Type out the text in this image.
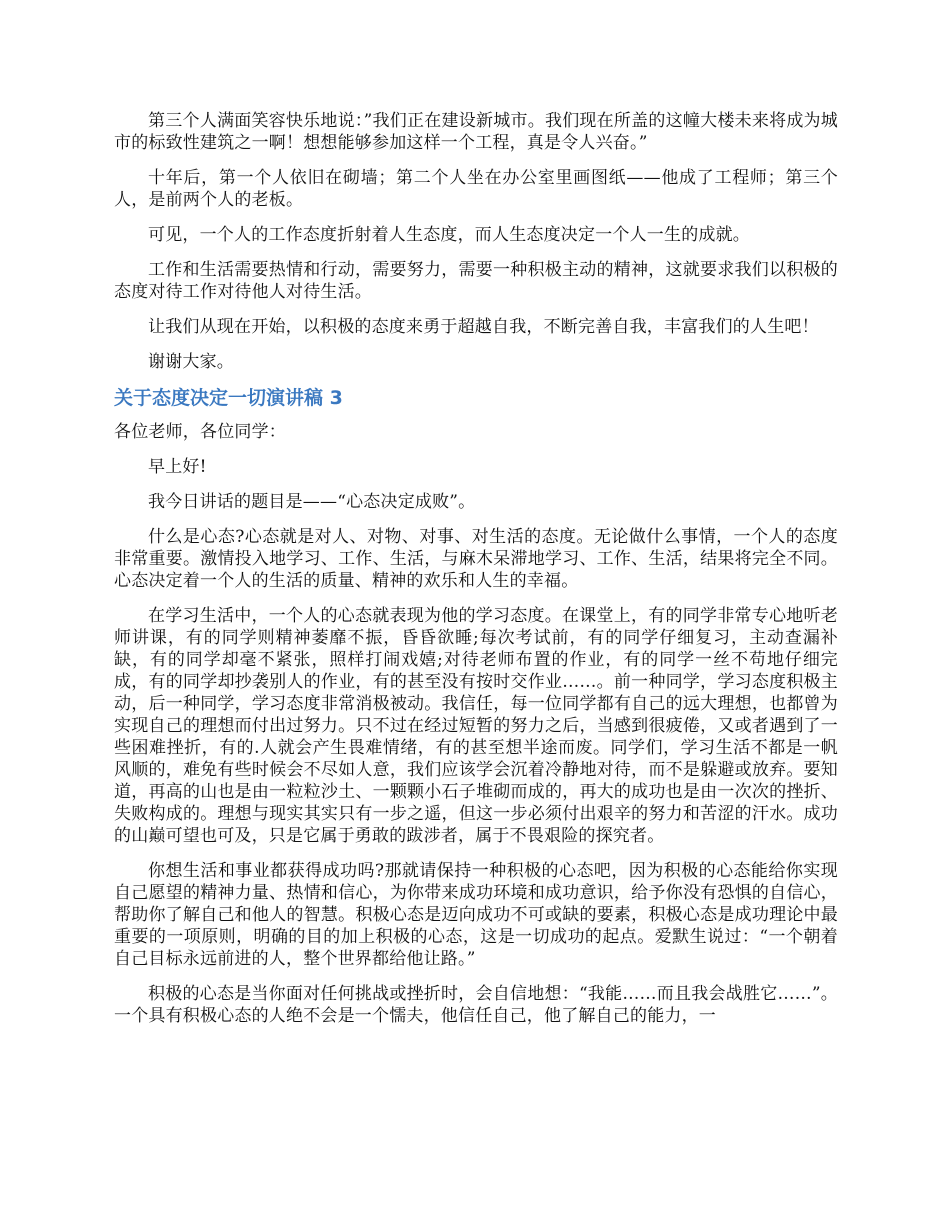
第三个人满面笑容快乐地说：”我们正在建设新城市。我们现在所盖的这幢大楼未来将成为城市的标致性建筑之一啊！想想能够参加这样一个工程，真是令人兴奋。”

十年后，第一个人依旧在砌墙；第二个人坐在办公室里画图纸——他成了工程师；第三个人，是前两个人的老板。

可见，一个人的工作态度折射着人生态度，而人生态度决定一个人一生的成就。

工作和生活需要热情和行动，需要努力，需要一种积极主动的精神，这就要求我们以积极的态度对待工作对待他人对待生活。

让我们从现在开始，以积极的态度来勇于超越自我，不断完善自我，丰富我们的人生吧！

谢谢大家。

关于态度决定一切演讲稿 3

各位老师，各位同学：

早上好!

我今日讲话的题目是——“心态决定成败”。

什么是心态?心态就是对人、对物、对事、对生活的态度。无论做什么事情，一个人的态度非常重要。激情投入地学习、工作、生活，与麻木呆滞地学习、工作、生活，结果将完全不同。心态决定着一个人的生活的质量、精神的欢乐和人生的幸福。

在学习生活中，一个人的心态就表现为他的学习态度。在课堂上，有的同学非常专心地听老师讲课，有的同学则精神萎靡不振，昏昏欲睡;每次考试前，有的同学仔细复习，主动查漏补缺，有的同学却毫不紧张，照样打闹戏嬉;对待老师布置的作业，有的同学一丝不苟地仔细完成，有的同学却抄袭别人的作业，有的甚至没有按时交作业……。前一种同学，学习态度积极主动，后一种同学，学习态度非常消极被动。我信任，每一位同学都有自己的远大理想，也都曾为实现自己的理想而付出过努力。只不过在经过短暂的努力之后，当感到很疲倦，又或者遇到了一些困难挫折，有的.人就会产生畏难情绪，有的甚至想半途而废。同学们，学习生活不都是一帆风顺的，难免有些时候会不尽如人意，我们应该学会沉着冷静地对待，而不是躲避或放弃。要知道，再高的山也是由一粒粒沙土、一颗颗小石子堆砌而成的，再大的成功也是由一次次的挫折、失败构成的。理想与现实其实只有一步之遥，但这一步必须付出艰辛的努力和苦涩的汗水。成功的山巅可望也可及，只是它属于勇敢的跋涉者，属于不畏艰险的探究者。

你想生活和事业都获得成功吗?那就请保持一种积极的心态吧，因为积极的心态能给你实现自己愿望的精神力量、热情和信心，为你带来成功环境和成功意识，给予你没有恐惧的自信心，帮助你了解自己和他人的智慧。积极心态是迈向成功不可或缺的要素，积极心态是成功理论中最重要的一项原则，明确的目的加上积极的心态，这是一切成功的起点。爱默生说过：“一个朝着自己目标永远前进的人，整个世界都给他让路。”

积极的心态是当你面对任何挑战或挫折时，会自信地想：“我能……而且我会战胜它……”。一个具有积极心态的人绝不会是一个懦夫，他信任自己，他了解自己的能力，一
